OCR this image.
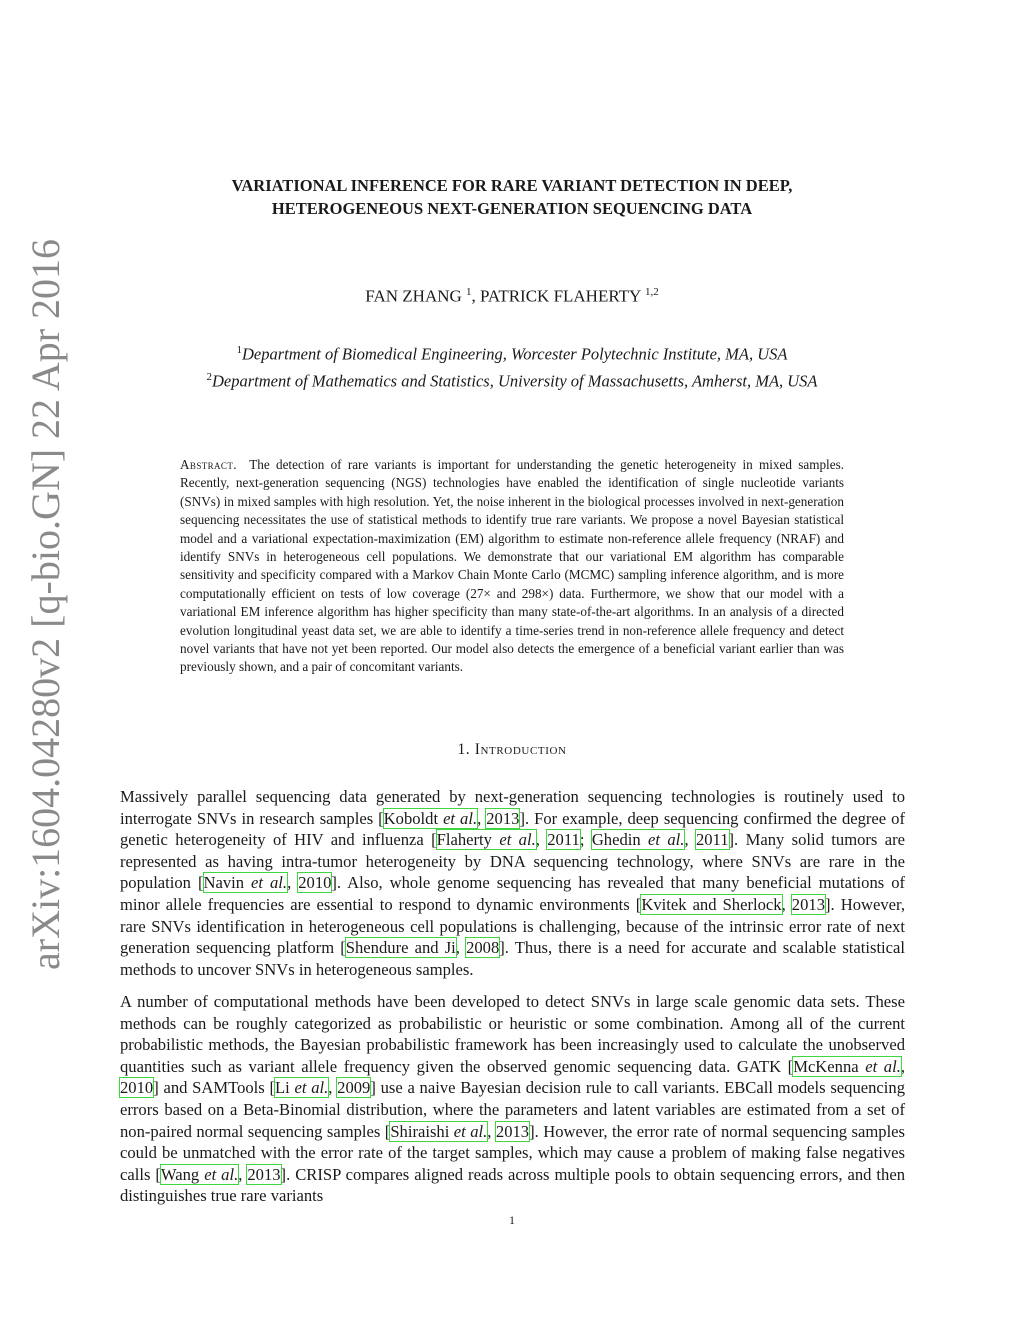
arXiv:1604.04280v2 [q-bio.GN] 22 Apr 2016
VARIATIONAL INFERENCE FOR RARE VARIANT DETECTION IN DEEP,
HETEROGENEOUS NEXT-GENERATION SEQUENCING DATA
FAN ZHANG $^1$, PATRICK FLAHERTY $^{1,2}$
$^1$Department of Biomedical Engineering, Worcester Polytechnic Institute, MA, USA
$^2$Department of Mathematics and Statistics, University of Massachusetts, Amherst, MA, USA
Abstract. The detection of rare variants is important for understanding the genetic heterogeneity in mixed samples. Recently, next-generation sequencing (NGS) technologies have enabled the identification of single nucleotide variants (SNVs) in mixed samples with high resolution. Yet, the noise inherent in the biological processes involved in next-generation sequencing necessitates the use of statistical methods to identify true rare variants. We propose a novel Bayesian statistical model and a variational expectation-maximization (EM) algorithm to estimate non-reference allele frequency (NRAF) and identify SNVs in heterogeneous cell populations. We demonstrate that our variational EM algorithm has comparable sensitivity and specificity compared with a Markov Chain Monte Carlo (MCMC) sampling inference algorithm, and is more computationally efficient on tests of low coverage (27× and 298×) data. Furthermore, we show that our model with a variational EM inference algorithm has higher specificity than many state-of-the-art algorithms. In an analysis of a directed evolution longitudinal yeast data set, we are able to identify a time-series trend in non-reference allele frequency and detect novel variants that have not yet been reported. Our model also detects the emergence of a beneficial variant earlier than was previously shown, and a pair of concomitant variants.
1. Introduction
Massively parallel sequencing data generated by next-generation sequencing technologies is routinely used to interrogate SNVs in research samples [Koboldt et al., 2013]. For example, deep sequencing confirmed the degree of genetic heterogeneity of HIV and influenza [Flaherty et al., 2011; Ghedin et al., 2011]. Many solid tumors are represented as having intra-tumor heterogeneity by DNA sequencing technology, where SNVs are rare in the population [Navin et al., 2010]. Also, whole genome sequencing has revealed that many beneficial mutations of minor allele frequencies are essential to respond to dynamic environments [Kvitek and Sherlock, 2013]. However, rare SNVs identification in heterogeneous cell populations is challenging, because of the intrinsic error rate of next generation sequencing platform [Shendure and Ji, 2008]. Thus, there is a need for accurate and scalable statistical methods to uncover SNVs in heterogeneous samples.
A number of computational methods have been developed to detect SNVs in large scale genomic data sets. These methods can be roughly categorized as probabilistic or heuristic or some combination. Among all of the current probabilistic methods, the Bayesian probabilistic framework has been increasingly used to calculate the unobserved quantities such as variant allele frequency given the observed genomic sequencing data. GATK [McKenna et al., 2010] and SAMTools [Li et al., 2009] use a naive Bayesian decision rule to call variants. EBCall models sequencing errors based on a Beta-Binomial distribution, where the parameters and latent variables are estimated from a set of non-paired normal sequencing samples [Shiraishi et al., 2013]. However, the error rate of normal sequencing samples could be unmatched with the error rate of the target samples, which may cause a problem of making false negatives calls [Wang et al., 2013]. CRISP compares aligned reads across multiple pools to obtain sequencing errors, and then distinguishes true rare variants
1
